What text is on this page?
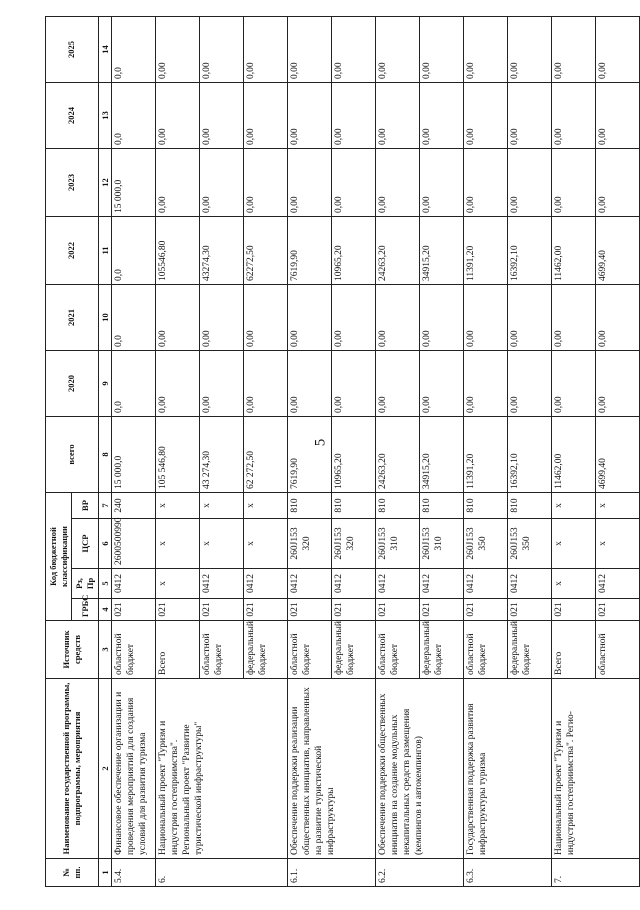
5
№ пп.	Наименование государственной программы, подпрограммы, мероприятия	Источник средств	Код бюджетной классификации				всего	2020	2021	2022	2023	2024	2025
			ГРБС	Рз, Пр	ЦСР	ВР							
1	2	3	4	5	6	7	8	9	10	11	12	13	14
5.4.	Финансовое обеспечение организации и проведения мероприятий для создания условий для развития туризма	областной бюджет	021	0412	2600500990	240	15 000,0	0,0	0,0	0,0	15 000,0	0,0	0,0
6.	Национальный проект "Туризм и индустрия гостеприимства". Региональный проект "Развитие туристической инфраструктуры"	Всего	021	x	x	x	105 546,80	0,00	0,00	105546,80	0,00	0,00	0,00
		областной бюджет	021	0412	x	x	43 274,30	0,00	0,00	43274,30	0,00	0,00	0,00
		федеральный бюджет	021	0412	x	x	62 272,50	0,00	0,00	62272,50	0,00	0,00	0,00
6.1.	Обеспечение поддержки реализации общественных инициатив, направленных на развитие туристической инфраструктуры	областной бюджет	021	0412	260J153 320	810	7619,90	0,00	0,00	7619,90	0,00	0,00	0,00
		федеральный бюджет	021	0412	260J153 320	810	10965,20	0,00	0,00	10965,20	0,00	0,00	0,00
6.2.	Обеспечение поддержки общественных инициатив на создание модульных некапитальных средств размещения (кемпингов и автокемпингов)	областной бюджет	021	0412	260J153 310	810	24263,20	0,00	0,00	24263,20	0,00	0,00	0,00
		федеральный бюджет	021	0412	260J153 310	810	34915,20	0,00	0,00	34915,20	0,00	0,00	0,00
6.3.	Государственная поддержка развития инфраструктуры туризма	областной бюджет	021	0412	260J153 350	810	11391,20	0,00	0,00	11391,20	0,00	0,00	0,00
		федеральный бюджет	021	0412	260J153 350	810	16392,10	0,00	0,00	16392,10	0,00	0,00	0,00
7.	Национальный проект "Туризм и индустрия гостеприимства". Регио-	Всего	021	x	x	x	11462,00	0,00	0,00	11462,00	0,00	0,00	0,00
		областной	021	0412	x	x	4699,40	0,00	0,00	4699,40	0,00	0,00	0,00
